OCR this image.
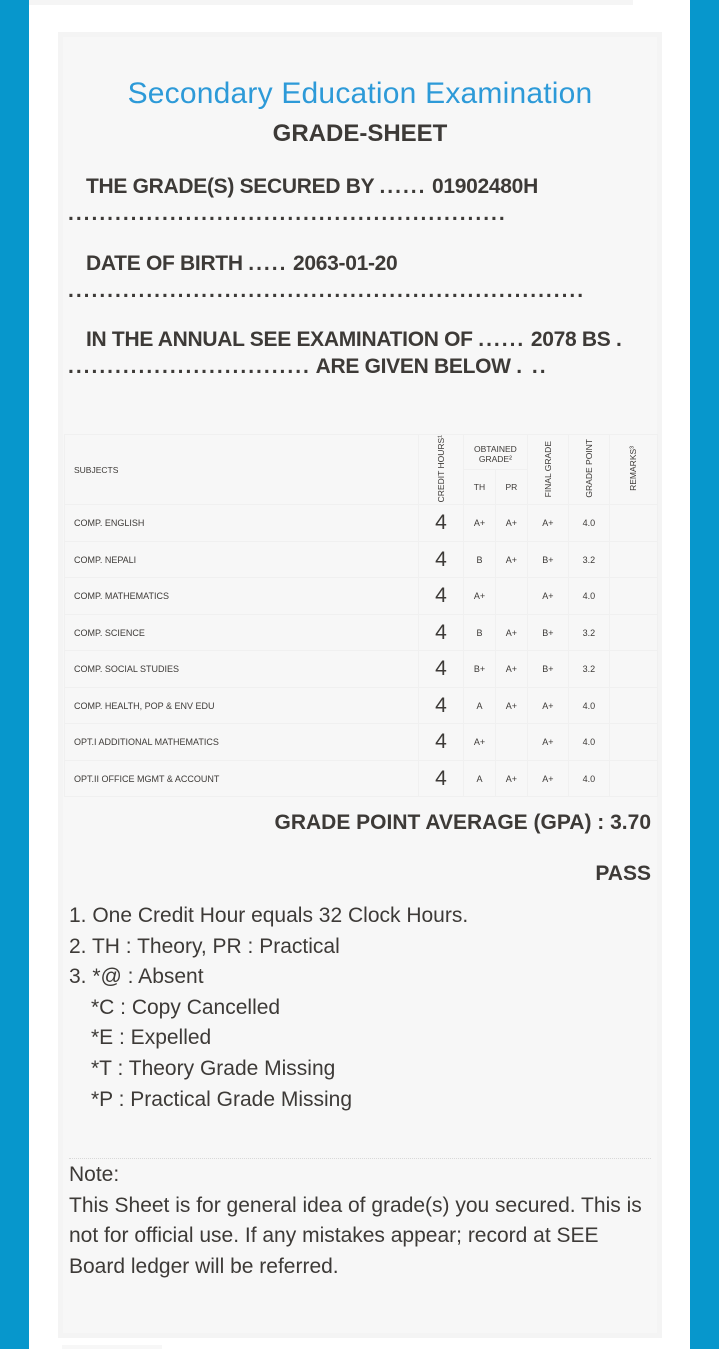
Secondary Education Examination
GRADE-SHEET
THE GRADE(S) SECURED BY ...... 01902480H ........................................................
DATE OF BIRTH ..... 2063-01-20 ..................................................................
IN THE ANNUAL SEE EXAMINATION OF ...... 2078 BS . ............................... ARE GIVEN BELOW . ..
SUBJECTS	CREDIT HOURS¹	OBTAINED GRADE²		FINAL GRADE	GRADE POINT	REMARKS³
		TH	PR			
COMP. ENGLISH	4	A+	A+	A+	4.0	
COMP. NEPALI	4	B	A+	B+	3.2	
COMP. MATHEMATICS	4	A+		A+	4.0	
COMP. SCIENCE	4	B	A+	B+	3.2	
COMP. SOCIAL STUDIES	4	B+	A+	B+	3.2	
COMP. HEALTH, POP & ENV EDU	4	A	A+	A+	4.0	
OPT.I ADDITIONAL MATHEMATICS	4	A+		A+	4.0	
OPT.II OFFICE MGMT & ACCOUNT	4	A	A+	A+	4.0	
GRADE POINT AVERAGE (GPA) : 3.70
PASS
1. One Credit Hour equals 32 Clock Hours.
2. TH : Theory, PR : Practical
3. *@ : Absent
*C : Copy Cancelled
*E : Expelled
*T : Theory Grade Missing
*P : Practical Grade Missing
Note:
This Sheet is for general idea of grade(s) you secured. This is not for official use. If any mistakes appear; record at SEE Board ledger will be referred.
